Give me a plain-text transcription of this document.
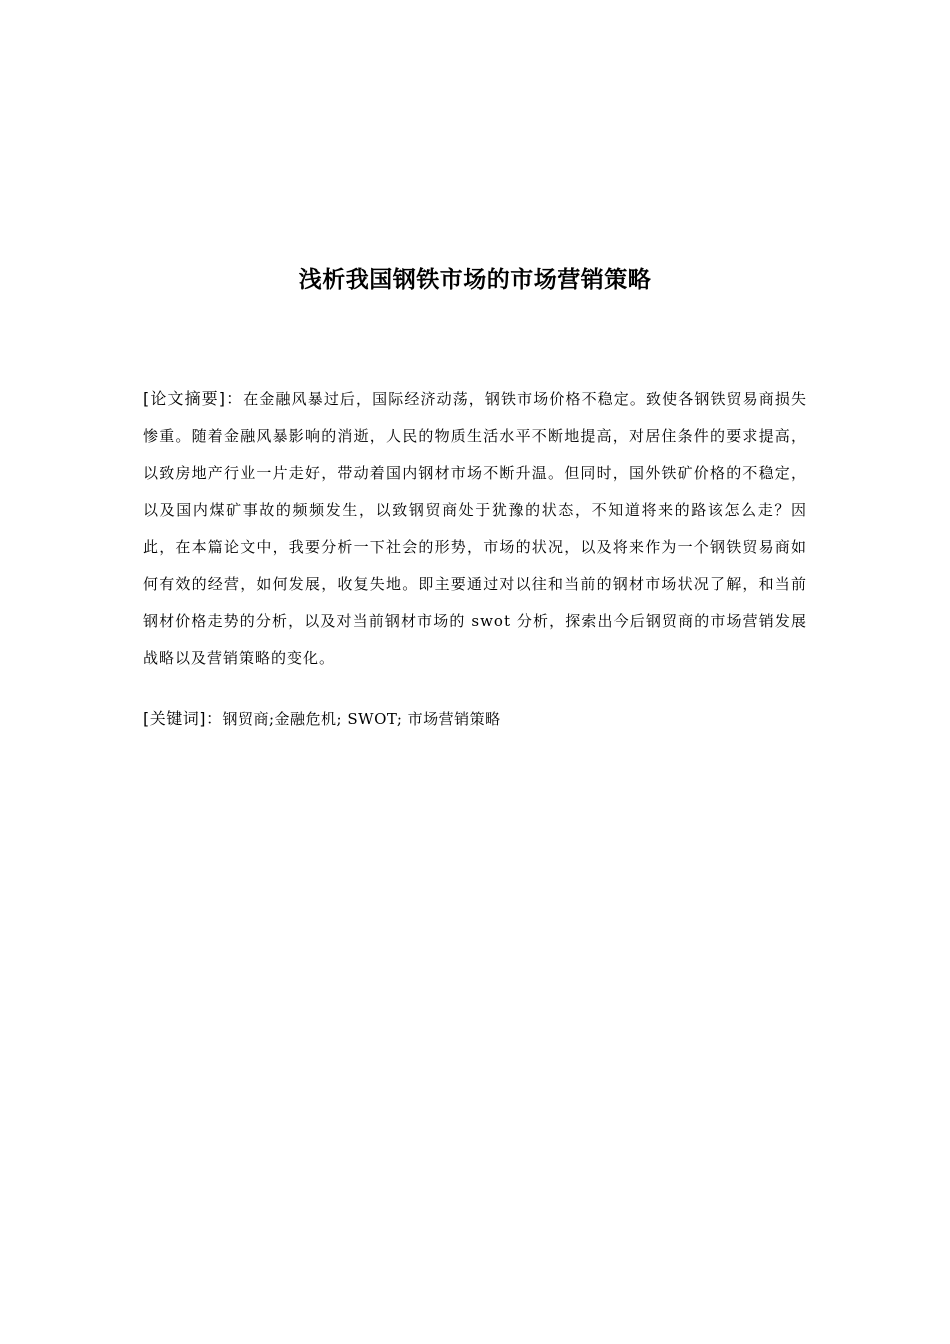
浅析我国钢铁市场的市场营销策略

[论文摘要]：在金融风暴过后，国际经济动荡，钢铁市场价格不稳定。致使各钢铁贸易商损失惨重。随着金融风暴影响的消逝，人民的物质生活水平不断地提高，对居住条件的要求提高，以致房地产行业一片走好，带动着国内钢材市场不断升温。但同时，国外铁矿价格的不稳定，以及国内煤矿事故的频频发生，以致钢贸商处于犹豫的状态，不知道将来的路该怎么走？因此，在本篇论文中，我要分析一下社会的形势，市场的状况，以及将来作为一个钢铁贸易商如何有效的经营，如何发展，收复失地。即主要通过对以往和当前的钢材市场状况了解，和当前钢材价格走势的分析，以及对当前钢材市场的 swot 分析，探索出今后钢贸商的市场营销发展战略以及营销策略的变化。

[关键词]：钢贸商;金融危机; SWOT; 市场营销策略
